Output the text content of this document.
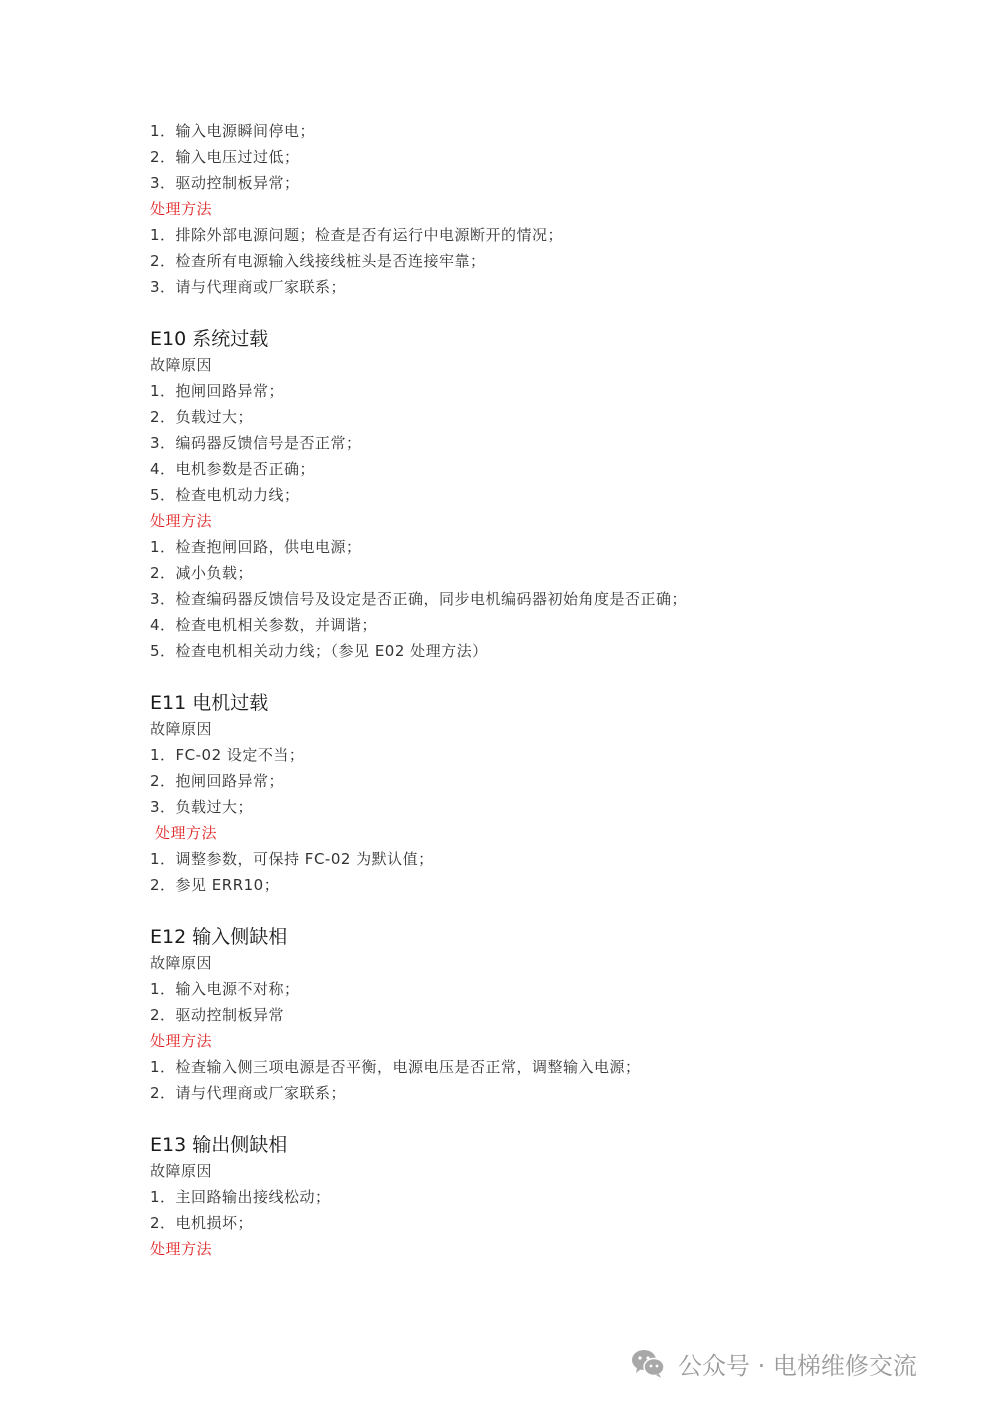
1．输入电源瞬间停电；
2．输入电压过过低；
3．驱动控制板异常；
处理方法
1．排除外部电源问题；检查是否有运行中电源断开的情况；
2．检查所有电源输入线接线桩头是否连接牢靠；
3．请与代理商或厂家联系；
E10 系统过载
故障原因
1．抱闸回路异常；
2．负载过大；
3．编码器反馈信号是否正常；
4．电机参数是否正确；
5．检查电机动力线；
处理方法
1．检查抱闸回路，供电电源；
2．减小负载；
3．检查编码器反馈信号及设定是否正确，同步电机编码器初始角度是否正确；
4．检查电机相关参数，并调谐；
5．检查电机相关动力线；（参见 E02 处理方法）
E11 电机过载
故障原因
1．FC-02 设定不当；
2．抱闸回路异常；
3．负载过大；
处理方法
1．调整参数，可保持 FC-02 为默认值；
2．参见 ERR10；
E12 输入侧缺相
故障原因
1．输入电源不对称；
2．驱动控制板异常
处理方法
1．检查输入侧三项电源是否平衡，电源电压是否正常，调整输入电源；
2．请与代理商或厂家联系；
E13 输出侧缺相
故障原因
1．主回路输出接线松动；
2．电机损坏；
处理方法
公众号 · 电梯维修交流
